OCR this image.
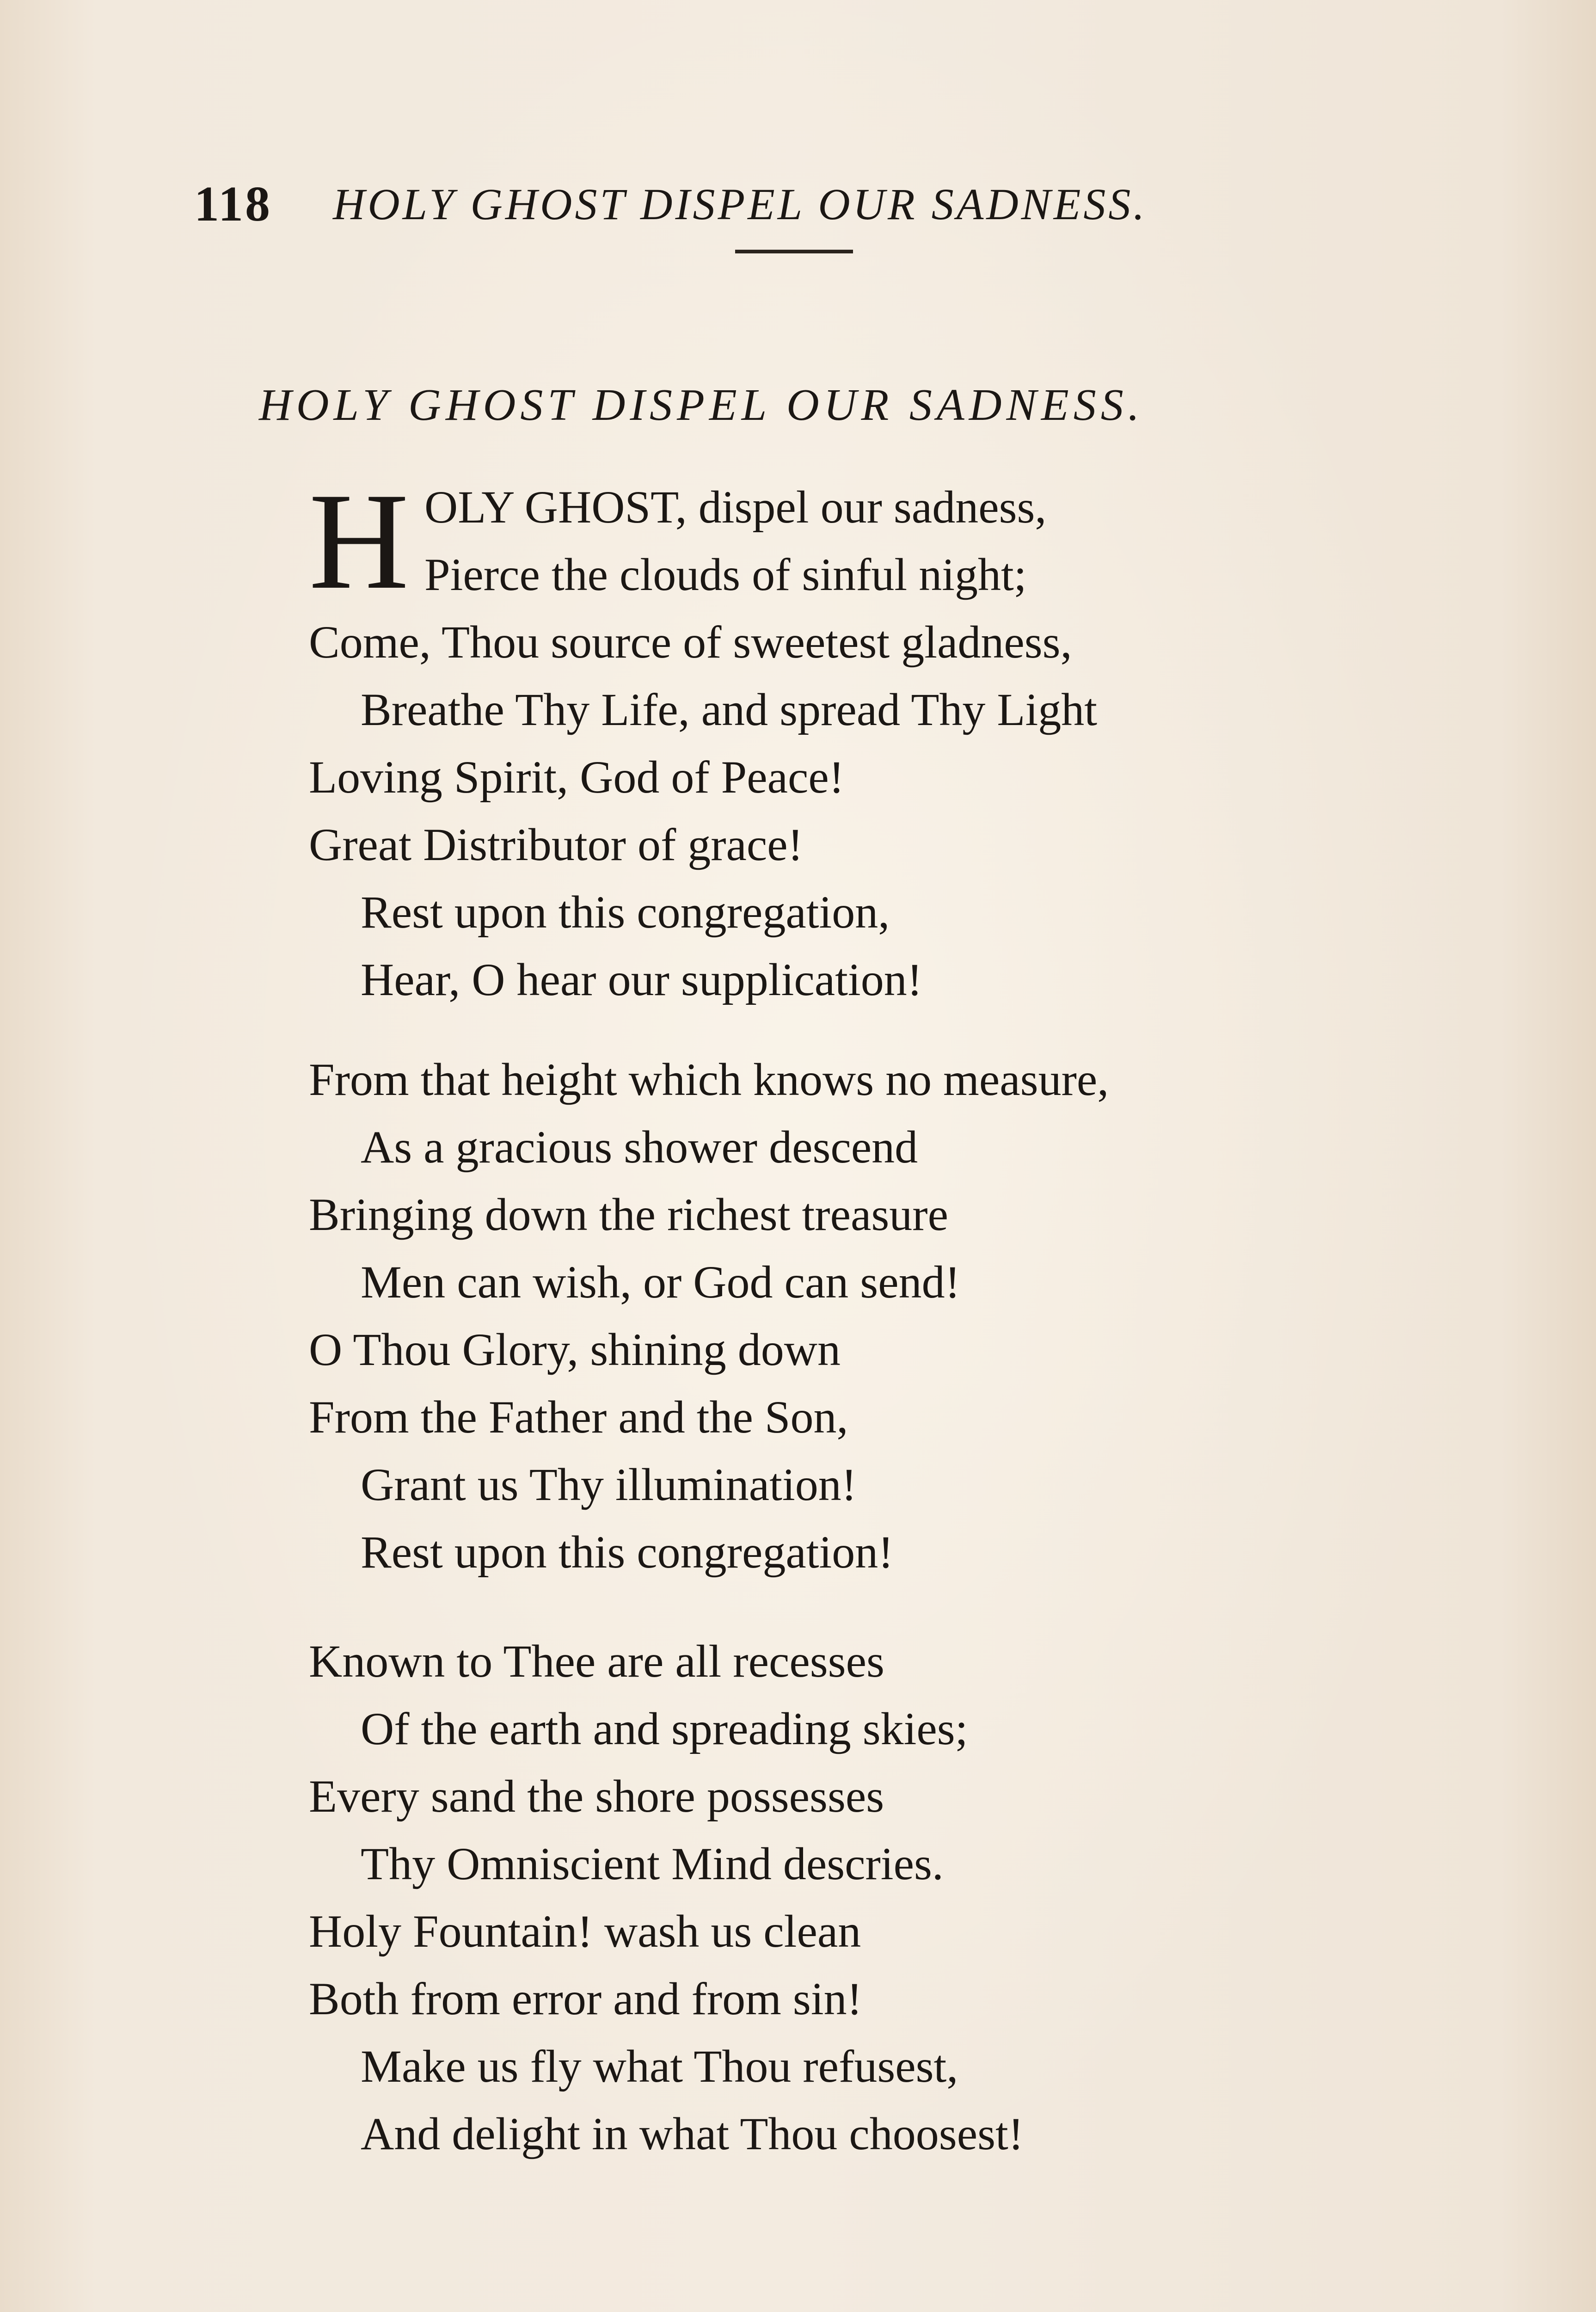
118 HOLY GHOST DISPEL OUR SADNESS.
HOLY GHOST DISPEL OUR SADNESS.
H OLY GHOST, dispel our sadness,
Pierce the clouds of sinful night;
Come, Thou source of sweetest gladness,
Breathe Thy Life, and spread Thy Light
Loving Spirit, God of Peace!
Great Distributor of grace!
Rest upon this congregation,
Hear, O hear our supplication!
From that height which knows no measure,
As a gracious shower descend
Bringing down the richest treasure
Men can wish, or God can send!
O Thou Glory, shining down
From the Father and the Son,
Grant us Thy illumination!
Rest upon this congregation!
Known to Thee are all recesses
Of the earth and spreading skies;
Every sand the shore possesses
Thy Omniscient Mind descries.
Holy Fountain! wash us clean
Both from error and from sin!
Make us fly what Thou refusest,
And delight in what Thou choosest!
